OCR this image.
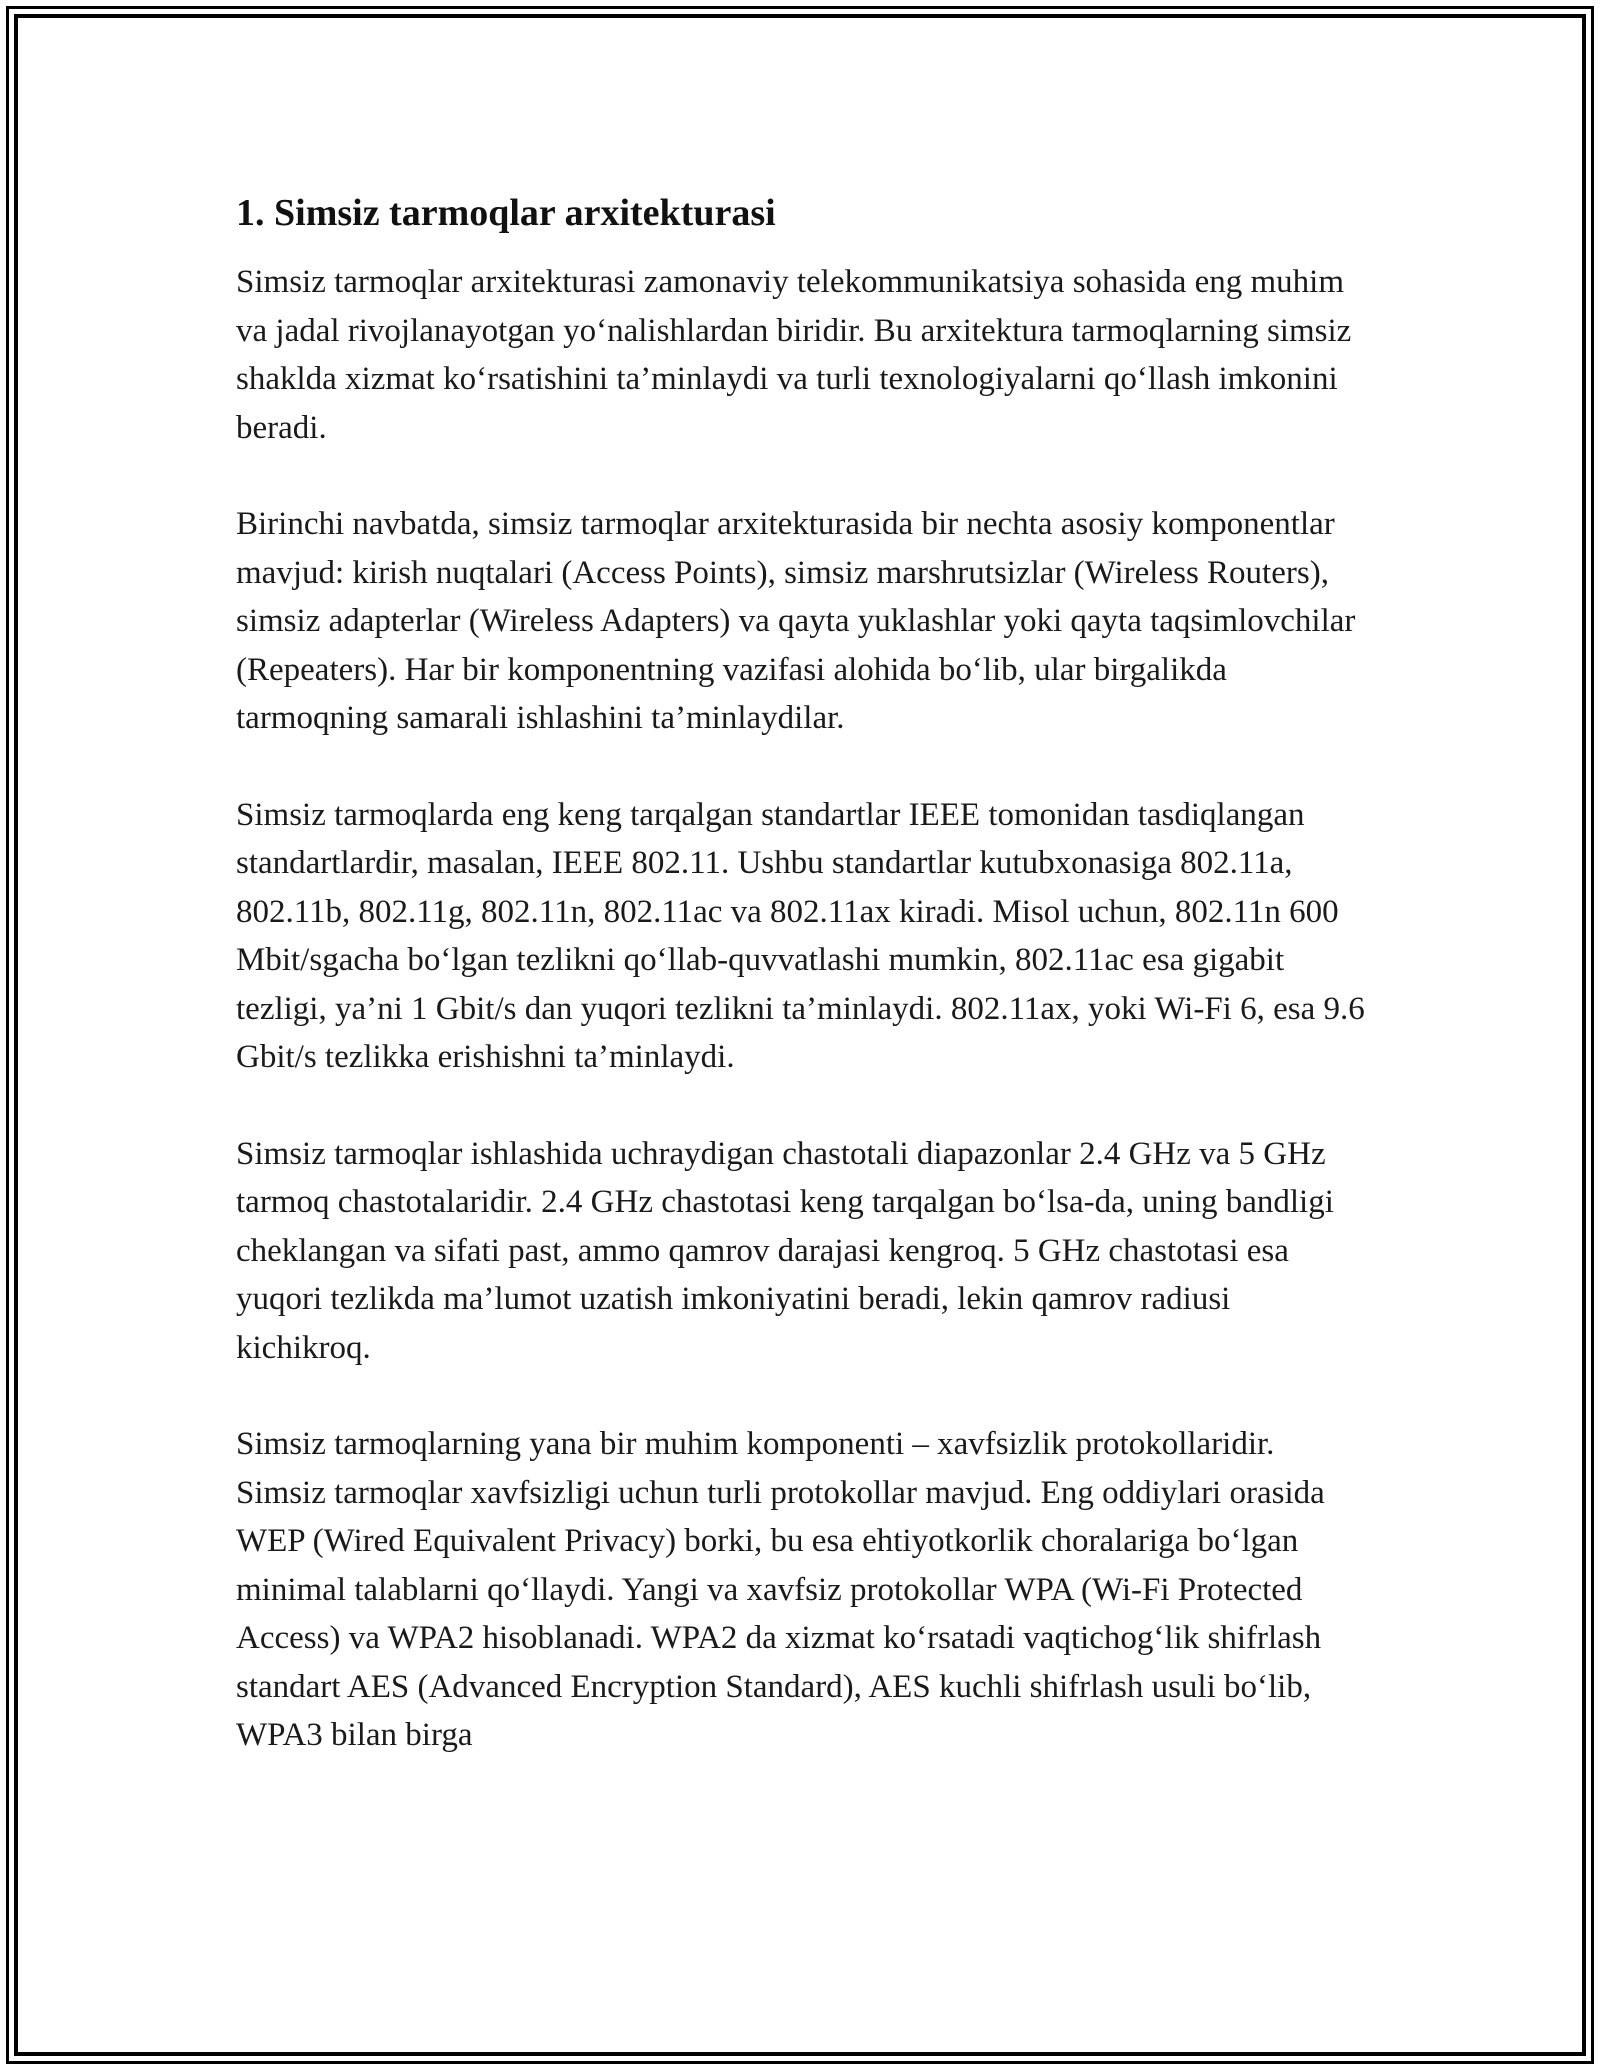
1. Simsiz tarmoqlar arxitekturasi

Simsiz tarmoqlar arxitekturasi zamonaviy telekommunikatsiya sohasida eng muhim va jadal rivojlanayotgan yo‘nalishlardan biridir. Bu arxitektura tarmoqlarning simsiz shaklda xizmat ko‘rsatishini ta’minlaydi va turli texnologiyalarni qo‘llash imkonini beradi.

Birinchi navbatda, simsiz tarmoqlar arxitekturasida bir nechta asosiy komponentlar mavjud: kirish nuqtalari (Access Points), simsiz marshrutsizlar (Wireless Routers), simsiz adapterlar (Wireless Adapters) va qayta yuklashlar yoki qayta taqsimlovchilar (Repeaters). Har bir komponentning vazifasi alohida bo‘lib, ular birgalikda tarmoqning samarali ishlashini ta’minlaydilar.

Simsiz tarmoqlarda eng keng tarqalgan standartlar IEEE tomonidan tasdiqlangan standartlardir, masalan, IEEE 802.11. Ushbu standartlar kutubxonasiga 802.11a, 802.11b, 802.11g, 802.11n, 802.11ac va 802.11ax kiradi. Misol uchun, 802.11n 600 Mbit/sgacha bo‘lgan tezlikni qo‘llab-quvvatlashi mumkin, 802.11ac esa gigabit tezligi, ya’ni 1 Gbit/s dan yuqori tezlikni ta’minlaydi. 802.11ax, yoki Wi-Fi 6, esa 9.6 Gbit/s tezlikka erishishni ta’minlaydi.

Simsiz tarmoqlar ishlashida uchraydigan chastotali diapazonlar 2.4 GHz va 5 GHz tarmoq chastotalaridir. 2.4 GHz chastotasi keng tarqalgan bo‘lsa-da, uning bandligi cheklangan va sifati past, ammo qamrov darajasi kengroq. 5 GHz chastotasi esa yuqori tezlikda ma’lumot uzatish imkoniyatini beradi, lekin qamrov radiusi kichikroq.

Simsiz tarmoqlarning yana bir muhim komponenti – xavfsizlik protokollaridir. Simsiz tarmoqlar xavfsizligi uchun turli protokollar mavjud. Eng oddiylari orasida WEP (Wired Equivalent Privacy) borki, bu esa ehtiyotkorlik choralariga bo‘lgan minimal talablarni qo‘llaydi. Yangi va xavfsiz protokollar WPA (Wi-Fi Protected Access) va WPA2 hisoblanadi. WPA2 da xizmat ko‘rsatadi vaqtichog‘lik shifrlash standart AES (Advanced Encryption Standard), AES kuchli shifrlash usuli bo‘lib, WPA3 bilan birga
